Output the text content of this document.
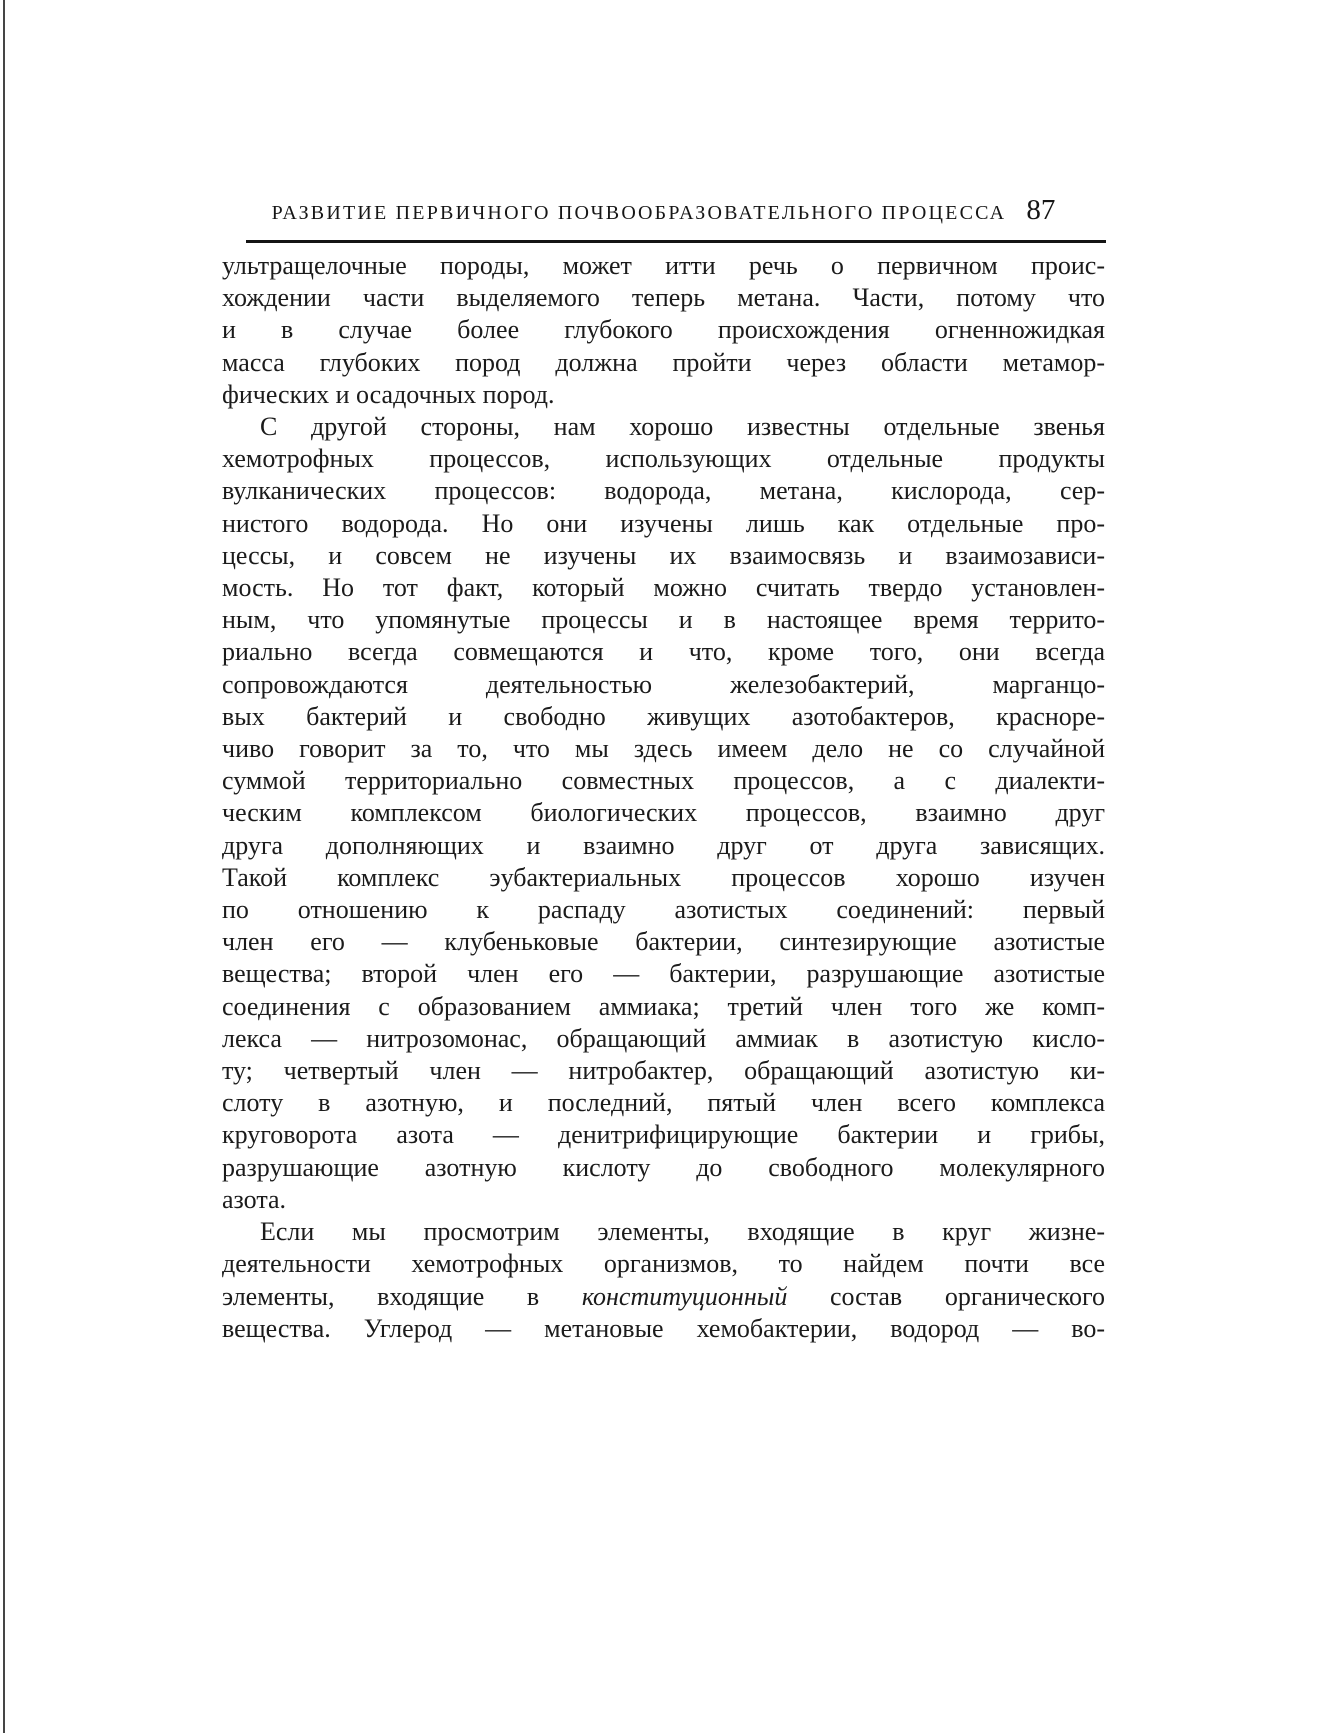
РАЗВИТИЕ ПЕРВИЧНОГО ПОЧВООБРАЗОВАТЕЛЬНОГО ПРОЦЕССА 87
ультращелочные породы, может итти речь о первичном проис-
хождении части выделяемого теперь метана. Части, потому что
и в случае более глубокого происхождения огненножидкая
масса глубоких пород должна пройти через области метамор-
фических и осадочных пород.
С другой стороны, нам хорошо известны отдельные звенья
хемотрофных процессов, использующих отдельные продукты
вулканических процессов: водорода, метана, кислорода, сер-
нистого водорода. Но они изучены лишь как отдельные про-
цессы, и совсем не изучены их взаимосвязь и взаимозависи-
мость. Но тот факт, который можно считать твердо установлен-
ным, что упомянутые процессы и в настоящее время террито-
риально всегда совмещаются и что, кроме того, они всегда
сопровождаются деятельностью железобактерий, марганцо-
вых бактерий и свободно живущих азотобактеров, красноре-
чиво говорит за то, что мы здесь имеем дело не со случайной
суммой территориально совместных процессов, а с диалекти-
ческим комплексом биологических процессов, взаимно друг
друга дополняющих и взаимно друг от друга зависящих.
Такой комплекс эубактериальных процессов хорошо изучен
по отношению к распаду азотистых соединений: первый
член его — клубеньковые бактерии, синтезирующие азотистые
вещества; второй член его — бактерии, разрушающие азотистые
соединения с образованием аммиака; третий член того же комп-
лекса — нитрозомонас, обращающий аммиак в азотистую кисло-
ту; четвертый член — нитробактер, обращающий азотистую ки-
слоту в азотную, и последний, пятый член всего комплекса
круговорота азота — денитрифицирующие бактерии и грибы,
разрушающие азотную кислоту до свободного молекулярного
азота.
Если мы просмотрим элементы, входящие в круг жизне-
деятельности хемотрофных организмов, то найдем почти все
элементы, входящие в конституционный состав органического
вещества. Углерод — метановые хемобактерии, водород — во-
